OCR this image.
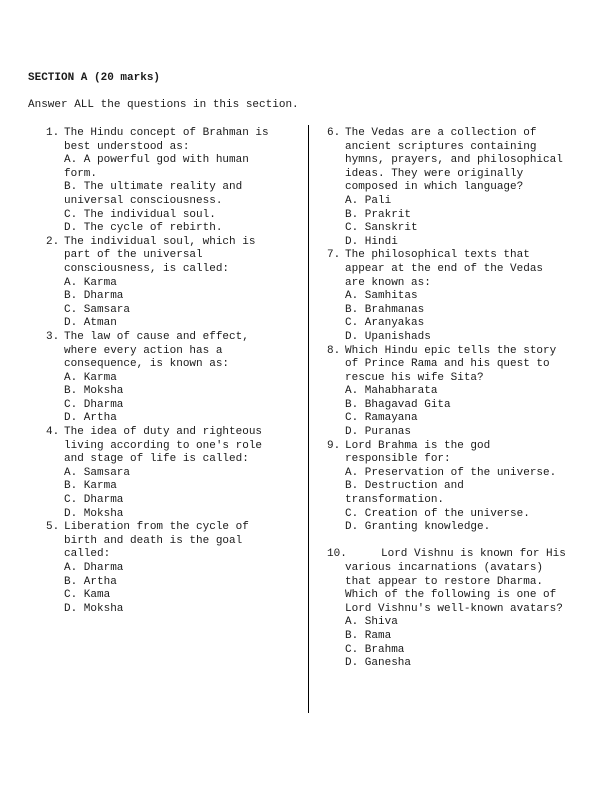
SECTION A (20 marks)
Answer ALL the questions in this section.
1. The Hindu concept of Brahman is
best understood as:
A. A powerful god with human
form.
B. The ultimate reality and
universal consciousness.
C. The individual soul.
D. The cycle of rebirth.
2. The individual soul, which is
part of the universal
consciousness, is called:
A. Karma
B. Dharma
C. Samsara
D. Atman
3. The law of cause and effect,
where every action has a
consequence, is known as:
A. Karma
B. Moksha
C. Dharma
D. Artha
4. The idea of duty and righteous
living according to one's role
and stage of life is called:
A. Samsara
B. Karma
C. Dharma
D. Moksha
5. Liberation from the cycle of
birth and death is the goal
called:
A. Dharma
B. Artha
C. Kama
D. Moksha
6. The Vedas are a collection of
ancient scriptures containing
hymns, prayers, and philosophical
ideas. They were originally
composed in which language?
A. Pali
B. Prakrit
C. Sanskrit
D. Hindi
7. The philosophical texts that
appear at the end of the Vedas
are known as:
A. Samhitas
B. Brahmanas
C. Aranyakas
D. Upanishads
8. Which Hindu epic tells the story
of Prince Rama and his quest to
rescue his wife Sita?
A. Mahabharata
B. Bhagavad Gita
C. Ramayana
D. Puranas
9. Lord Brahma is the god
responsible for:
A. Preservation of the universe.
B. Destruction and
transformation.
C. Creation of the universe.
D. Granting knowledge.
10.	Lord Vishnu is known for His
various incarnations (avatars)
that appear to restore Dharma.
Which of the following is one of
Lord Vishnu's well-known avatars?
A. Shiva
B. Rama
C. Brahma
D. Ganesha
